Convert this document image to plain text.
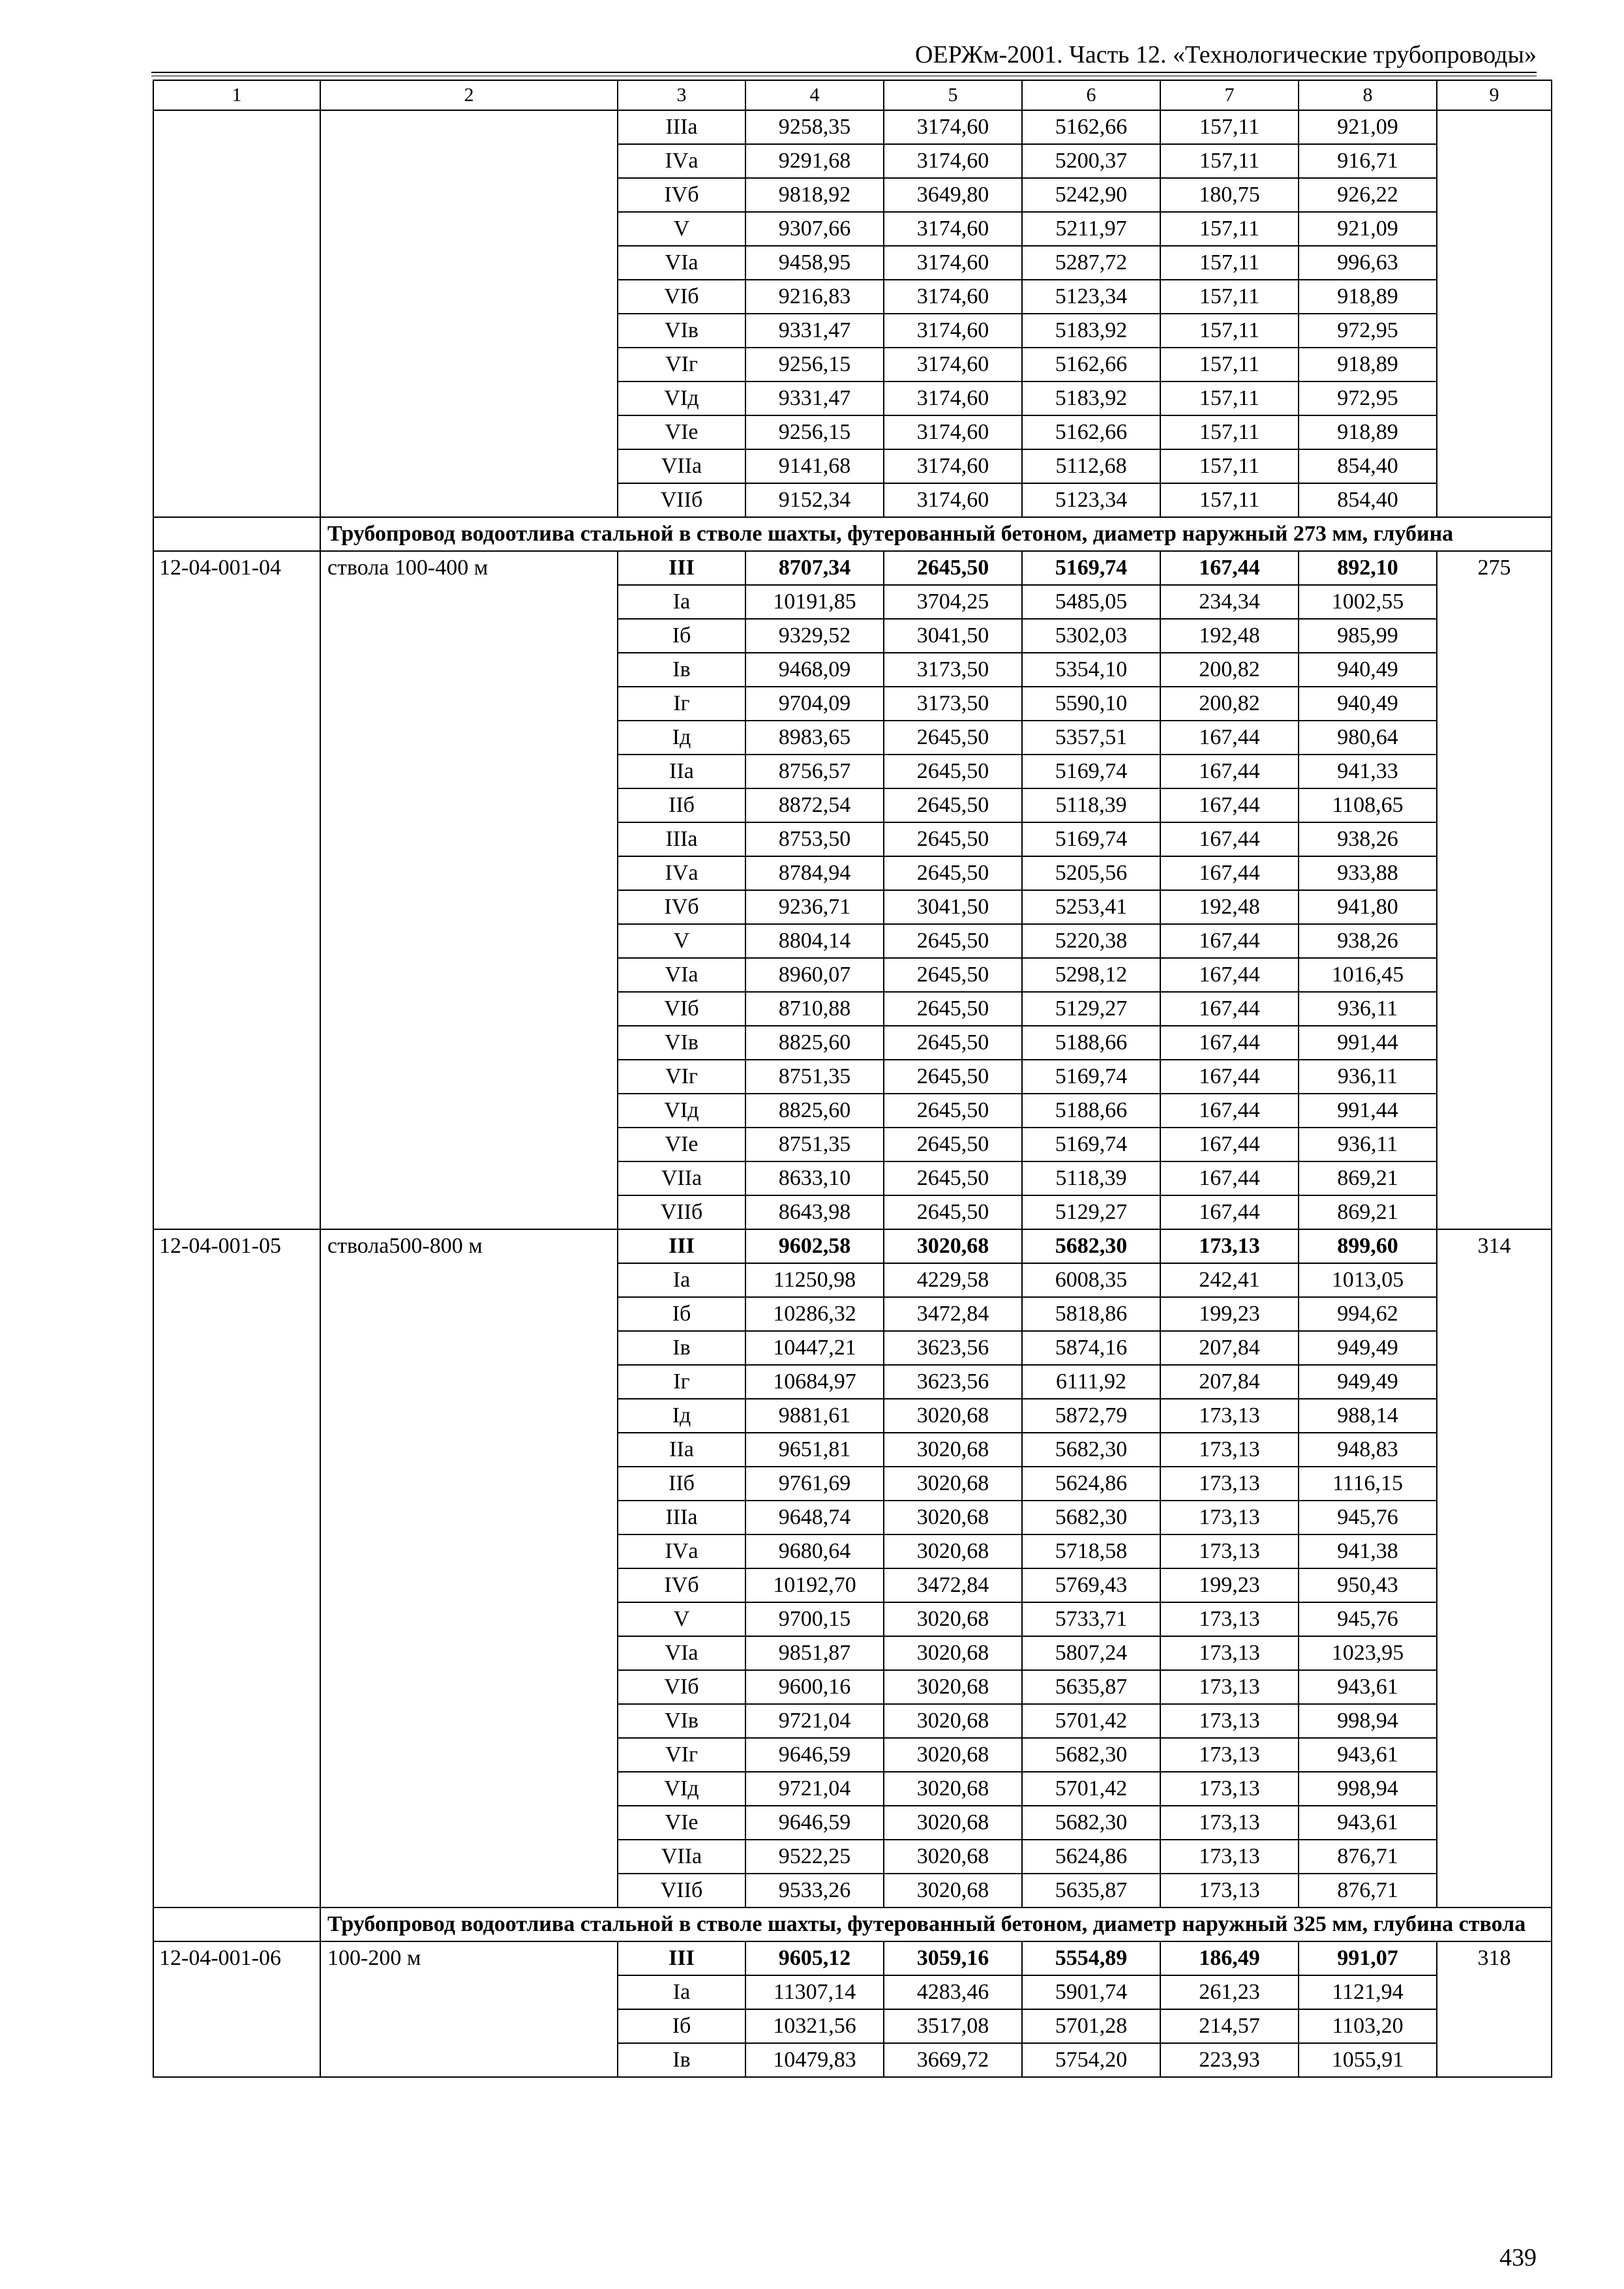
ОЕРЖм-2001. Часть 12. «Технологические трубопроводы»
1	2	3	4	5	6	7	8	9
		IIIа	9258,35	3174,60	5162,66	157,11	921,09	
		IVа	9291,68	3174,60	5200,37	157,11	916,71	
		IVб	9818,92	3649,80	5242,90	180,75	926,22	
		V	9307,66	3174,60	5211,97	157,11	921,09	
		VIа	9458,95	3174,60	5287,72	157,11	996,63	
		VIб	9216,83	3174,60	5123,34	157,11	918,89	
		VIв	9331,47	3174,60	5183,92	157,11	972,95	
		VIг	9256,15	3174,60	5162,66	157,11	918,89	
		VIд	9331,47	3174,60	5183,92	157,11	972,95	
		VIе	9256,15	3174,60	5162,66	157,11	918,89	
		VIIа	9141,68	3174,60	5112,68	157,11	854,40	
		VIIб	9152,34	3174,60	5123,34	157,11	854,40	
	Трубопровод водоотлива стальной в стволе шахты, футерованный бетоном, диаметр наружный 273 мм, глубина							
12-04-001-04	ствола 100-400 м	III	8707,34	2645,50	5169,74	167,44	892,10	275
		Iа	10191,85	3704,25	5485,05	234,34	1002,55	
		Iб	9329,52	3041,50	5302,03	192,48	985,99	
		Iв	9468,09	3173,50	5354,10	200,82	940,49	
		Iг	9704,09	3173,50	5590,10	200,82	940,49	
		Iд	8983,65	2645,50	5357,51	167,44	980,64	
		IIа	8756,57	2645,50	5169,74	167,44	941,33	
		IIб	8872,54	2645,50	5118,39	167,44	1108,65	
		IIIа	8753,50	2645,50	5169,74	167,44	938,26	
		IVа	8784,94	2645,50	5205,56	167,44	933,88	
		IVб	9236,71	3041,50	5253,41	192,48	941,80	
		V	8804,14	2645,50	5220,38	167,44	938,26	
		VIа	8960,07	2645,50	5298,12	167,44	1016,45	
		VIб	8710,88	2645,50	5129,27	167,44	936,11	
		VIв	8825,60	2645,50	5188,66	167,44	991,44	
		VIг	8751,35	2645,50	5169,74	167,44	936,11	
		VIд	8825,60	2645,50	5188,66	167,44	991,44	
		VIе	8751,35	2645,50	5169,74	167,44	936,11	
		VIIа	8633,10	2645,50	5118,39	167,44	869,21	
		VIIб	8643,98	2645,50	5129,27	167,44	869,21	
12-04-001-05	ствола500-800 м	III	9602,58	3020,68	5682,30	173,13	899,60	314
		Iа	11250,98	4229,58	6008,35	242,41	1013,05	
		Iб	10286,32	3472,84	5818,86	199,23	994,62	
		Iв	10447,21	3623,56	5874,16	207,84	949,49	
		Iг	10684,97	3623,56	6111,92	207,84	949,49	
		Iд	9881,61	3020,68	5872,79	173,13	988,14	
		IIа	9651,81	3020,68	5682,30	173,13	948,83	
		IIб	9761,69	3020,68	5624,86	173,13	1116,15	
		IIIа	9648,74	3020,68	5682,30	173,13	945,76	
		IVа	9680,64	3020,68	5718,58	173,13	941,38	
		IVб	10192,70	3472,84	5769,43	199,23	950,43	
		V	9700,15	3020,68	5733,71	173,13	945,76	
		VIа	9851,87	3020,68	5807,24	173,13	1023,95	
		VIб	9600,16	3020,68	5635,87	173,13	943,61	
		VIв	9721,04	3020,68	5701,42	173,13	998,94	
		VIг	9646,59	3020,68	5682,30	173,13	943,61	
		VIд	9721,04	3020,68	5701,42	173,13	998,94	
		VIе	9646,59	3020,68	5682,30	173,13	943,61	
		VIIа	9522,25	3020,68	5624,86	173,13	876,71	
		VIIб	9533,26	3020,68	5635,87	173,13	876,71	
	Трубопровод водоотлива стальной в стволе шахты, футерованный бетоном, диаметр наружный 325 мм, глубина ствола							
12-04-001-06	100-200 м	III	9605,12	3059,16	5554,89	186,49	991,07	318
		Iа	11307,14	4283,46	5901,74	261,23	1121,94	
		Iб	10321,56	3517,08	5701,28	214,57	1103,20	
		Iв	10479,83	3669,72	5754,20	223,93	1055,91	
439
